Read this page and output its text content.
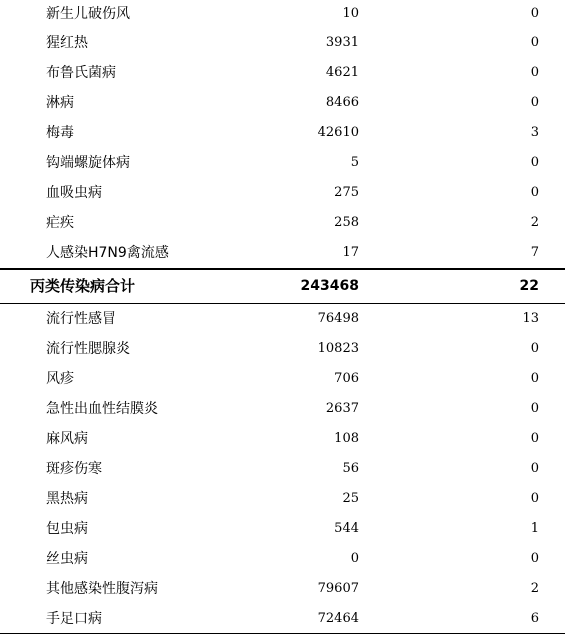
新生儿破伤风	10	0
猩红热	3931	0
布鲁氏菌病	4621	0
淋病	8466	0
梅毒	42610	3
钩端螺旋体病	5	0
血吸虫病	275	0
疟疾	258	2
人感染H7N9禽流感	17	7
丙类传染病合计	243468	22
流行性感冒	76498	13
流行性腮腺炎	10823	0
风疹	706	0
急性出血性结膜炎	2637	0
麻风病	108	0
斑疹伤寒	56	0
黑热病	25	0
包虫病	544	1
丝虫病	0	0
其他感染性腹泻病	79607	2
手足口病	72464	6
